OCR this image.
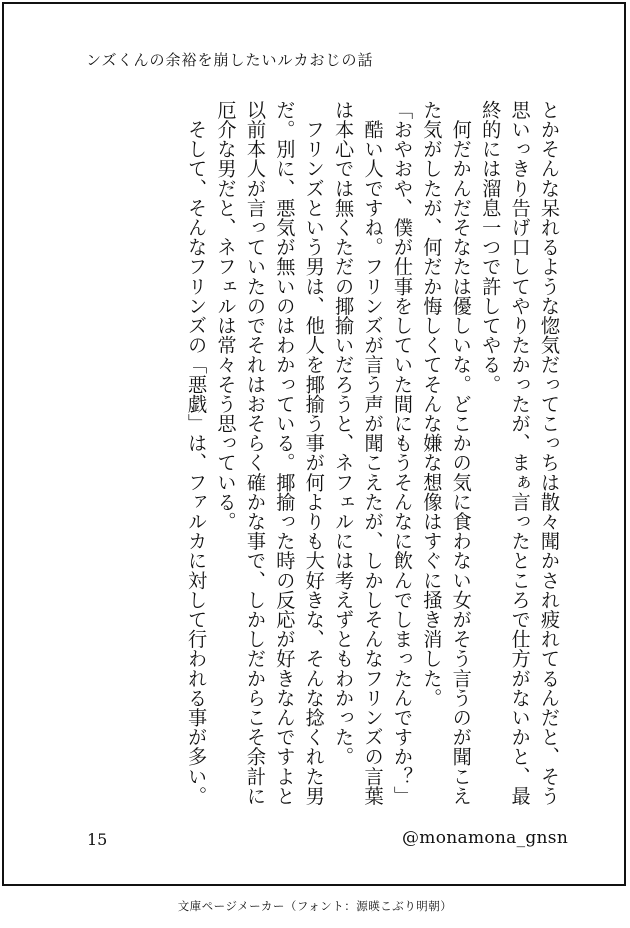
ンズくんの余裕を崩したいルカおじの話

とかそんな呆れるような惚気だってこっちは散々聞かされ疲れてるんだと、そう思いっきり告げ口してやりたかったが、まぁ言ったところで仕方がないかと、最終的には溜息一つで許してやる。

　何だかんだそなたは優しいな。どこかの気に食わない女がそう言うのが聞こえた気がしたが、何だか悔しくてそんな嫌な想像はすぐに掻き消した。

「おやおや、僕が仕事をしていた間にもうそんなに飲んでしまったんですか？」

　酷い人ですね。フリンズが言う声が聞こえたが、しかしそんなフリンズの言葉は本心では無くただの揶揄いだろうと、ネフェルには考えずともわかった。

　フリンズという男は、他人を揶揄う事が何よりも大好きな、そんな捻くれた男だ。別に、悪気が無いのはわかっている。揶揄った時の反応が好きなんですよと以前本人が言っていたのでそれはおそらく確かな事で、しかしだからこそ余計に厄介な男だと、ネフェルは常々そう思っている。

　そして、そんなフリンズの「悪戯」は、ファルカに対して行われる事が多い。

15	@monamona_gnsn
文庫ページメーカー（フォント：源暎こぶり明朝）
